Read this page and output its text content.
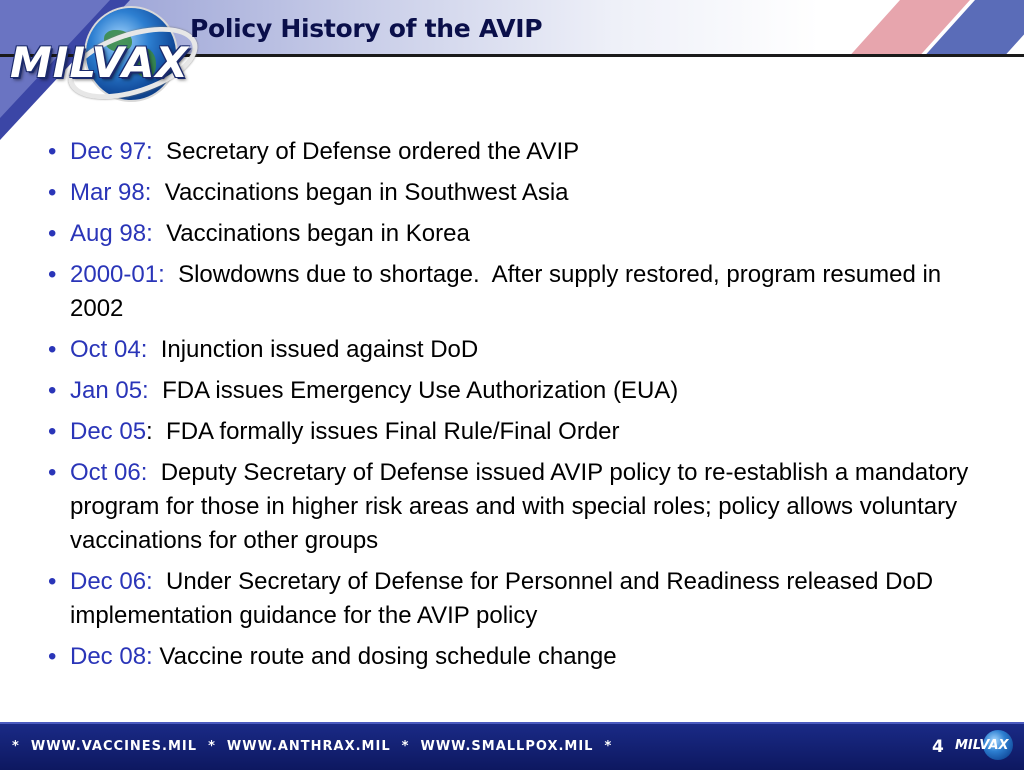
MILVAX
Policy History of the AVIP
• Dec 97:  Secretary of Defense ordered the AVIP
• Mar 98:  Vaccinations began in Southwest Asia
• Aug 98:  Vaccinations began in Korea
• 2000-01:  Slowdowns due to shortage.  After supply restored, program resumed in 2002
• Oct 04:  Injunction issued against DoD
• Jan 05:  FDA issues Emergency Use Authorization (EUA)
• Dec 05:  FDA formally issues Final Rule/Final Order
• Oct 06:  Deputy Secretary of Defense issued AVIP policy to re-establish a mandatory program for those in higher risk areas and with special roles; policy allows voluntary vaccinations for other groups
• Dec 06:  Under Secretary of Defense for Personnel and Readiness released DoD implementation guidance for the AVIP policy
• Dec 08: Vaccine route and dosing schedule change
*  WWW.VACCINES.MIL  *  WWW.ANTHRAX.MIL  *  WWW.SMALLPOX.MIL  *	4 MILVAX
